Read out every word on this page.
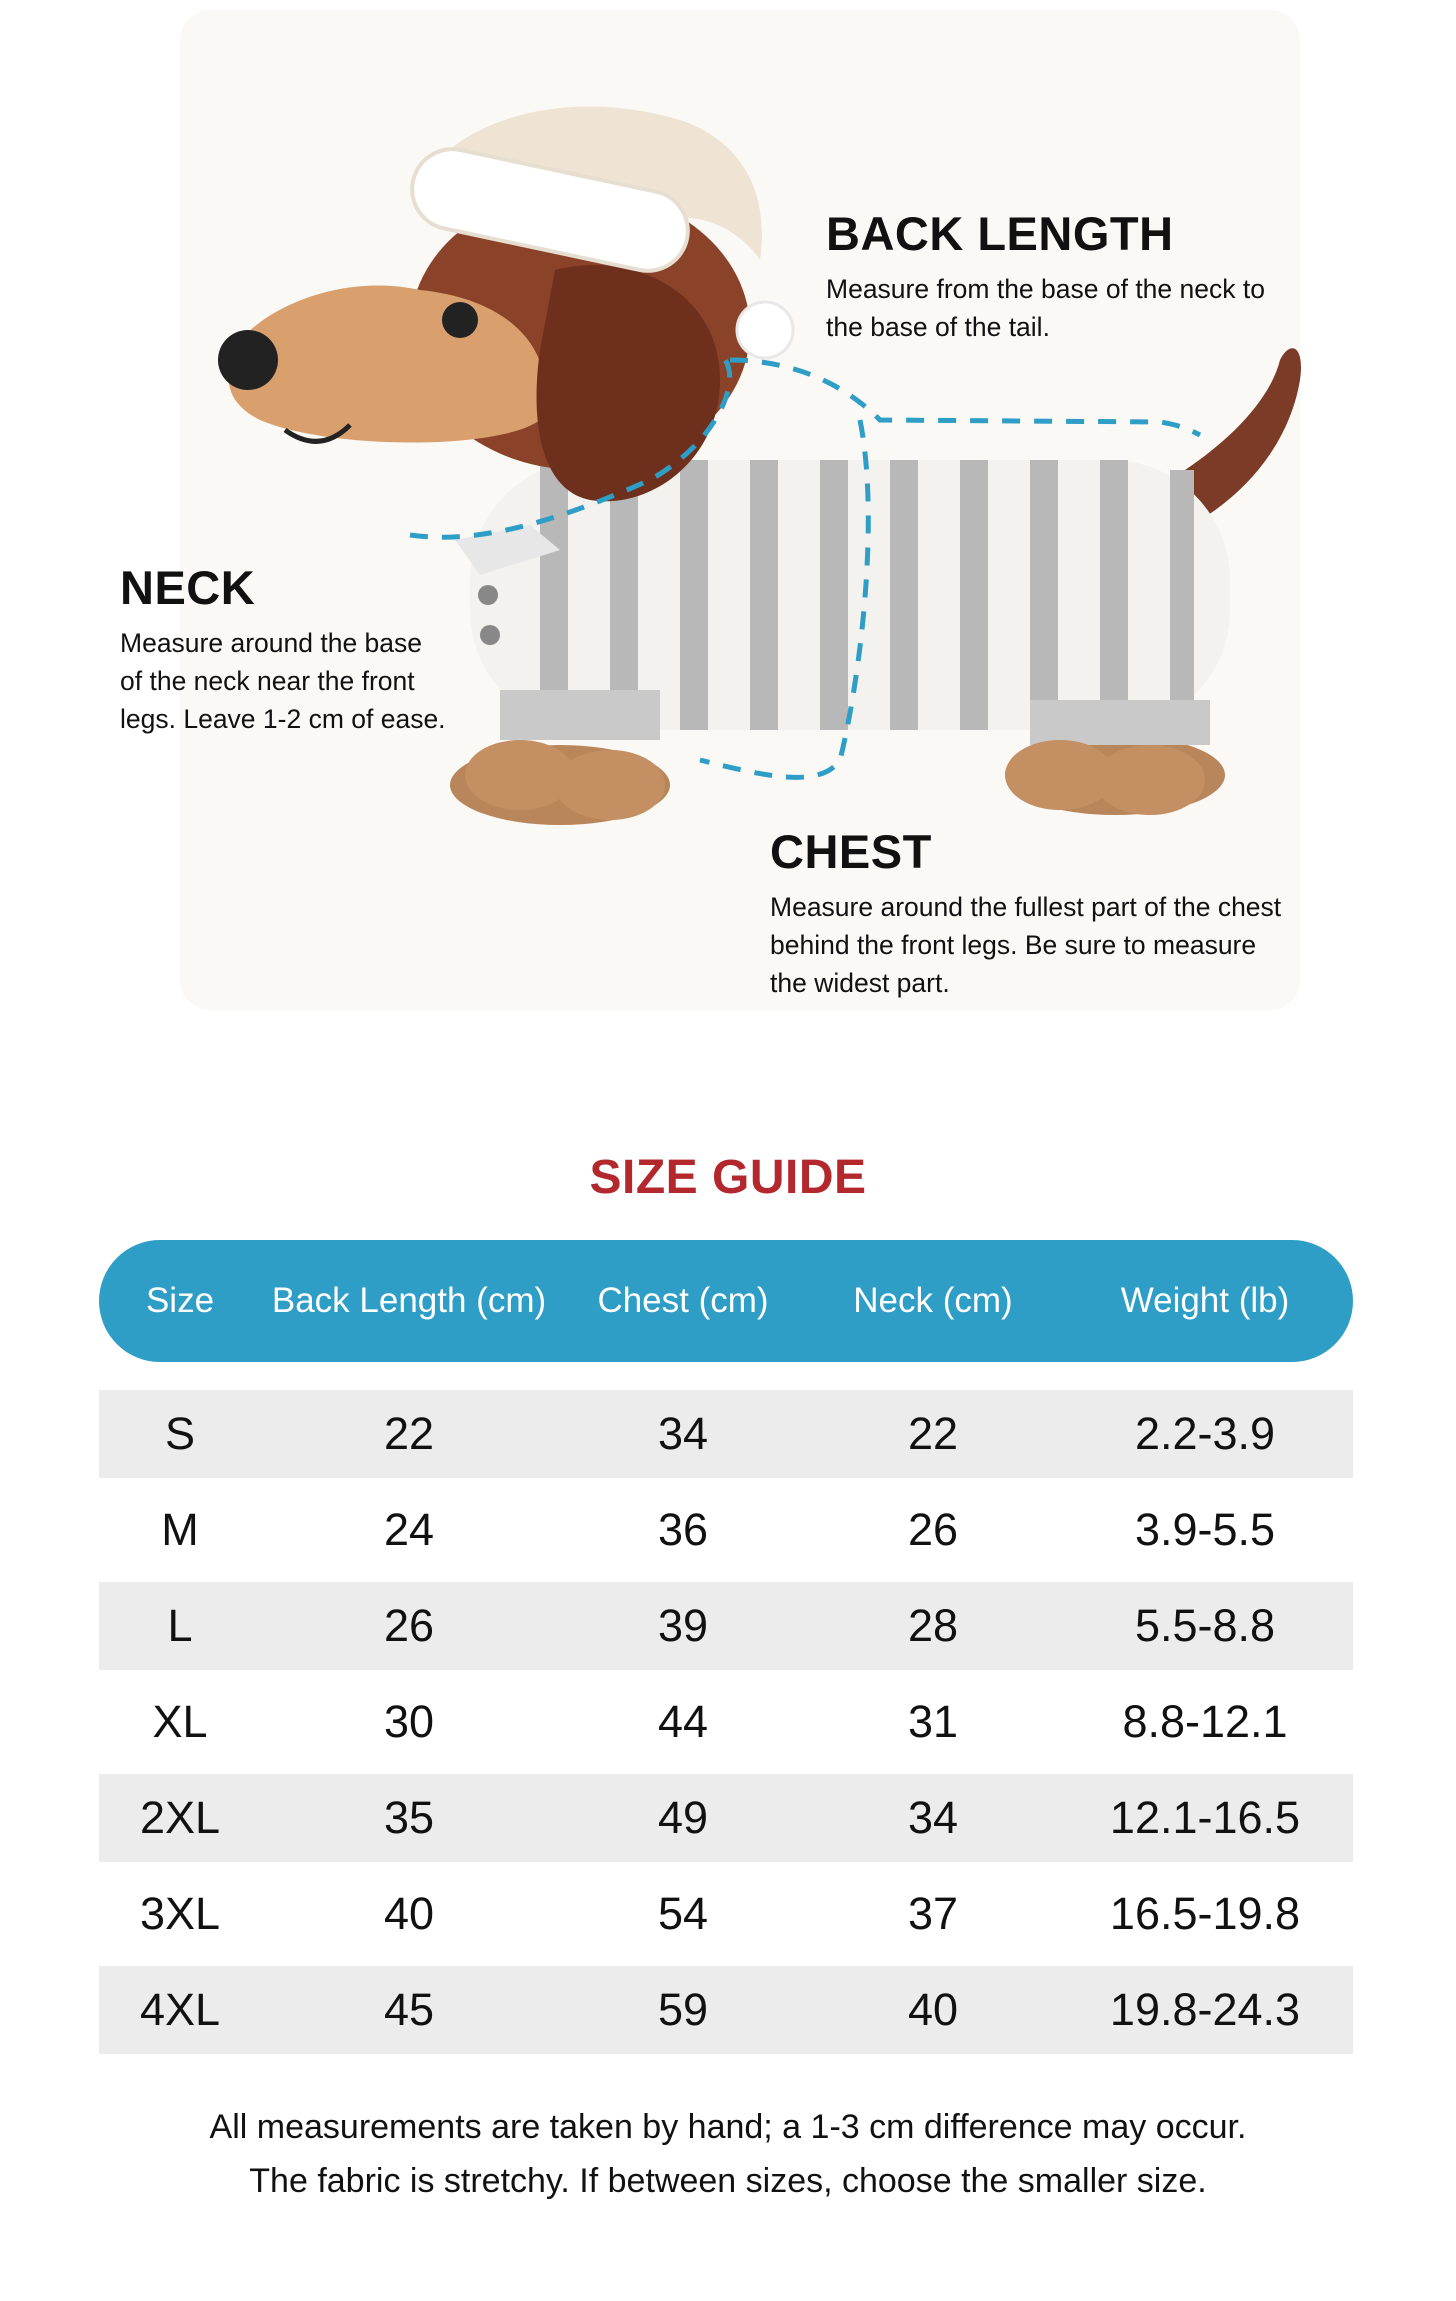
BACK LENGTH

Measure from the base of the neck to the base of the tail.

NECK

Measure around the base of the neck near the front legs. Leave 1-2 cm of ease.

CHEST

Measure around the fullest part of the chest behind the front legs. Be sure to measure the widest part.

SIZE GUIDE
Size	Back Length (cm)	Chest (cm)	Neck (cm)	Weight (lb)
S	22	34	22	2.2-3.9
M	24	36	26	3.9-5.5
L	26	39	28	5.5-8.8
XL	30	44	31	8.8-12.1
2XL	35	49	34	12.1-16.5
3XL	40	54	37	16.5-19.8
4XL	45	59	40	19.8-24.3

All measurements are taken by hand; a 1-3 cm difference may occur.

The fabric is stretchy. If between sizes, choose the smaller size.
